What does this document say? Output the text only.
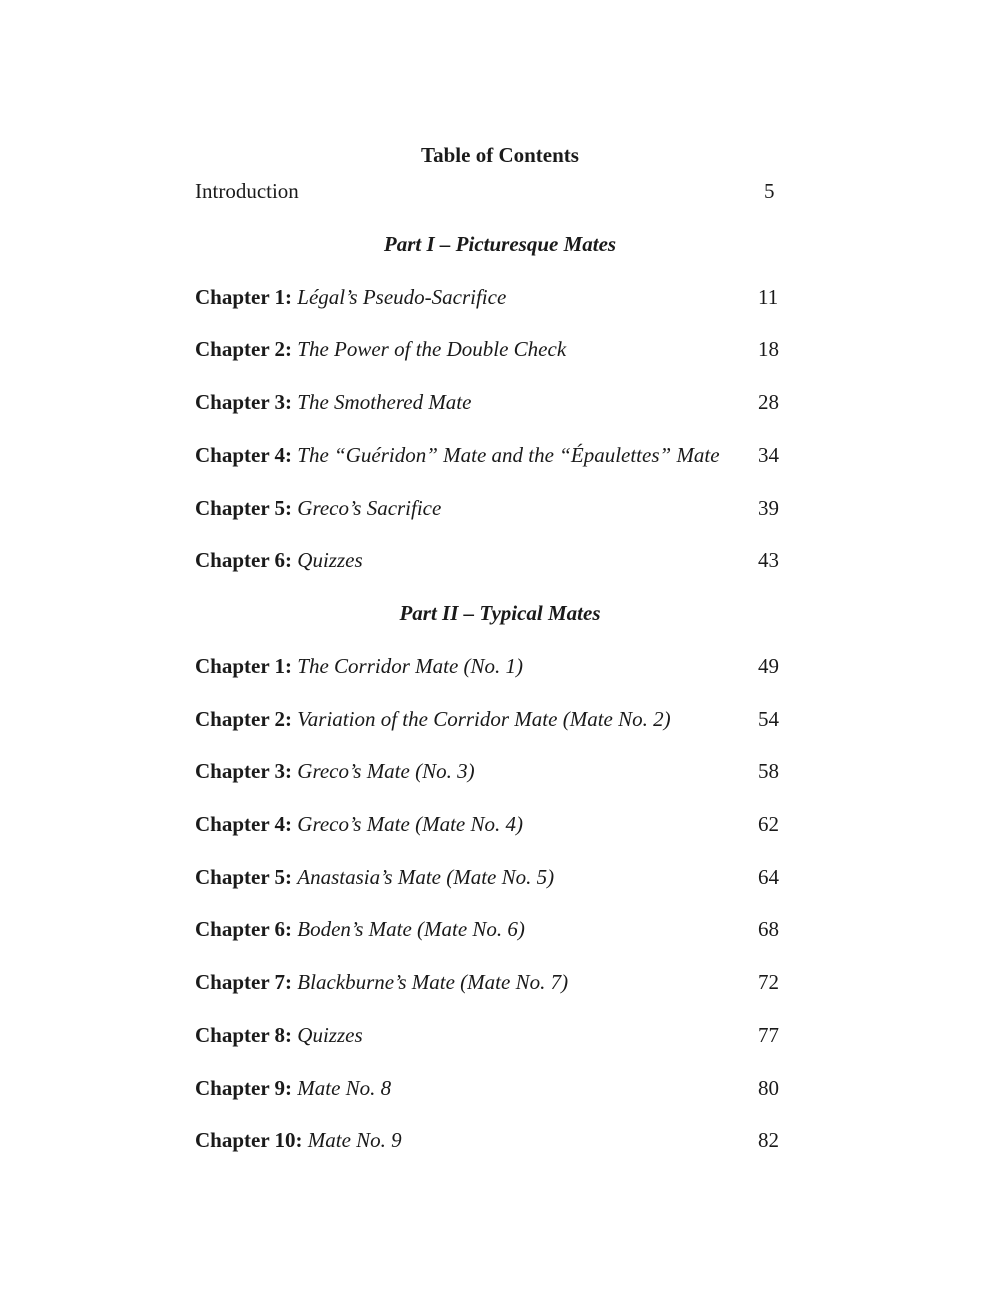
Table of Contents
Introduction	5
Part I – Picturesque Mates
Chapter 1: Légal’s Pseudo-Sacrifice	11
Chapter 2: The Power of the Double Check	18
Chapter 3: The Smothered Mate	28
Chapter 4: The “Guéridon” Mate and the “Épaulettes” Mate 34
Chapter 5: Greco’s Sacrifice	39
Chapter 6: Quizzes	43
Part II – Typical Mates
Chapter 1: The Corridor Mate (No. 1)	49
Chapter 2: Variation of the Corridor Mate (Mate No. 2)	54
Chapter 3: Greco’s Mate (No. 3)	58
Chapter 4: Greco’s Mate (Mate No. 4)	62
Chapter 5: Anastasia’s Mate (Mate No. 5)	64
Chapter 6: Boden’s Mate (Mate No. 6)	68
Chapter 7: Blackburne’s Mate (Mate No. 7)	72
Chapter 8: Quizzes	77
Chapter 9: Mate No. 8	80
Chapter 10: Mate No. 9	82
